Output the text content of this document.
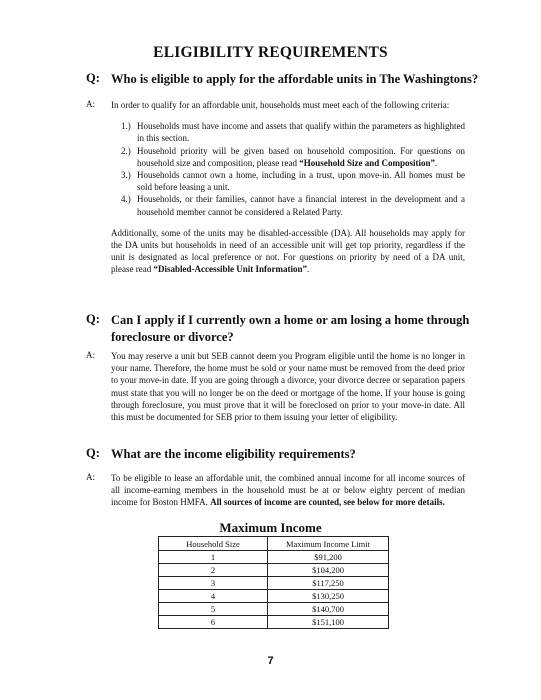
ELIGIBILITY REQUIREMENTS
Q: Who is eligible to apply for the affordable units in The Washingtons?
A: In order to qualify for an affordable unit, households must meet each of the following criteria:

1.) Households must have income and assets that qualify within the parameters as highlighted in this section.
2.) Household priority will be given based on household composition. For questions on household size and composition, please read “Household Size and Composition”.
3.) Households cannot own a home, including in a trust, upon move-in. All homes must be sold before leasing a unit.
4.) Households, or their families, cannot have a financial interest in the development and a household member cannot be considered a Related Party.

Additionally, some of the units may be disabled-accessible (DA). All households may apply for the DA units but households in need of an accessible unit will get top priority, regardless if the unit is designated as local preference or not. For questions on priority by need of a DA unit, please read “Disabled-Accessible Unit Information”.

Q: Can I apply if I currently own a home or am losing a home through foreclosure or divorce?
A: You may reserve a unit but SEB cannot deem you Program eligible until the home is no longer in your name. Therefore, the home must be sold or your name must be removed from the deed prior to your move-in date. If you are going through a divorce, your divorce decree or separation papers must state that you will no longer be on the deed or mortgage of the home. If your house is going through foreclosure, you must prove that it will be foreclosed on prior to your move-in date. All this must be documented for SEB prior to them issuing your letter of eligibility.

Q: What are the income eligibility requirements?
A: To be eligible to lease an affordable unit, the combined annual income for all income sources of all income-earning members in the household must be at or below eighty percent of median income for Boston HMFA. All sources of income are counted, see below for more details.

Maximum Income
Household Size	Maximum Income Limit
1	$91,200
2	$104,200
3	$117,250
4	$130,250
5	$140,700
6	$151,100
7
